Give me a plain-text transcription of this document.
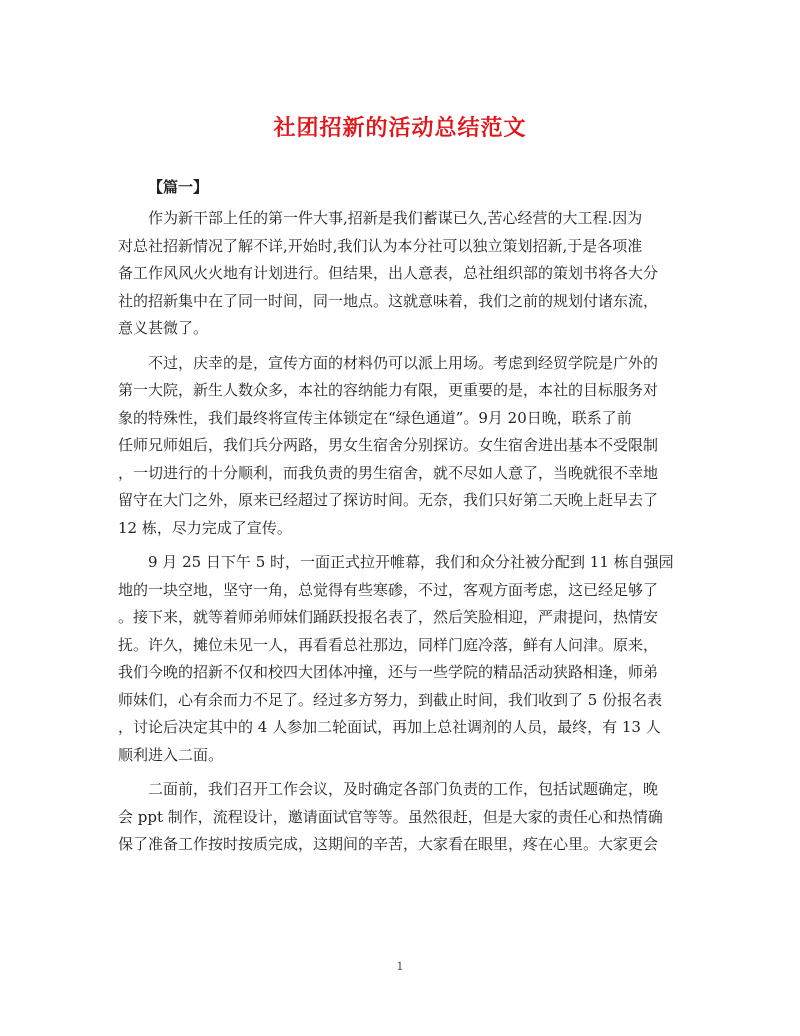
社团招新的活动总结范文
【篇一】
作为新干部上任的第一件大事,招新是我们蓄谋已久,苦心经营的大工程.因为
对总社招新情况了解不详,开始时,我们认为本分社可以独立策划招新,于是各项准
备工作风风火火地有计划进行。但结果，出人意表，总社组织部的策划书将各大分
社的招新集中在了同一时间，同一地点。这就意味着，我们之前的规划付诸东流，
意义甚微了。
不过，庆幸的是，宣传方面的材料仍可以派上用场。考虑到经贸学院是广外的
第一大院，新生人数众多，本社的容纳能力有限，更重要的是，本社的目标服务对
象的特殊性，我们最终将宣传主体锁定在“绿色通道”。9月 20日晚，联系了前
任师兄师姐后，我们兵分两路，男女生宿舍分别探访。女生宿舍进出基本不受限制
，一切进行的十分顺利，而我负责的男生宿舍，就不尽如人意了，当晚就很不幸地
留守在大门之外，原来已经超过了探访时间。无奈，我们只好第二天晚上赶早去了
12 栋，尽力完成了宣传。
9 月 25 日下午 5 时，一面正式拉开帷幕，我们和众分社被分配到 11 栋自强园
地的一块空地，坚守一角，总觉得有些寒碜，不过，客观方面考虑，这已经足够了
。接下来，就等着师弟师妹们踊跃投报名表了，然后笑脸相迎，严肃提问，热情安
抚。许久，摊位未见一人，再看看总社那边，同样门庭冷落，鲜有人问津。原来，
我们今晚的招新不仅和校四大团体冲撞，还与一些学院的精品活动狭路相逢，师弟
师妹们，心有余而力不足了。经过多方努力，到截止时间，我们收到了 5 份报名表
，讨论后决定其中的 4 人参加二轮面试，再加上总社调剂的人员，最终，有 13 人
顺利进入二面。
二面前，我们召开工作会议，及时确定各部门负责的工作，包括试题确定，晚
会 ppt 制作，流程设计，邀请面试官等等。虽然很赶，但是大家的责任心和热情确
保了准备工作按时按质完成，这期间的辛苦，大家看在眼里，疼在心里。大家更会
1
